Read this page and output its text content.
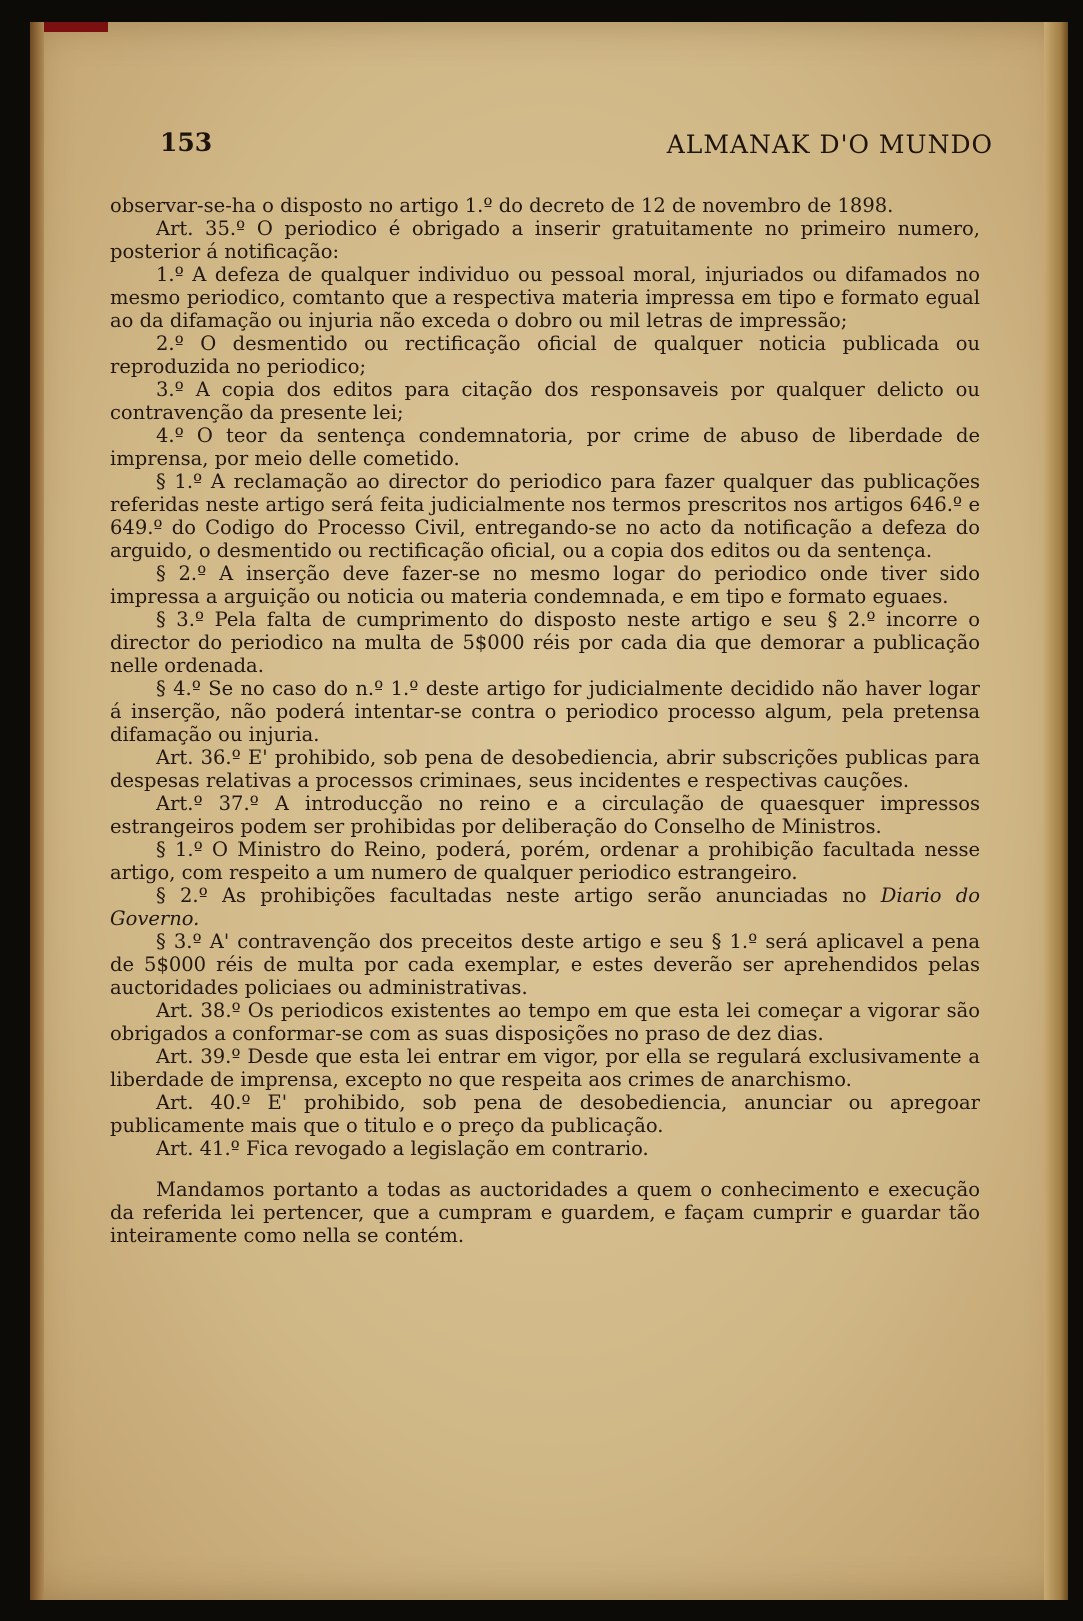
153	ALMANAK D'O MUNDO

observar-se-ha o disposto no artigo 1.º do decreto de 12 de novembro de 1898.

Art. 35.º O periodico é obrigado a inserir gratuitamente no primeiro numero, posterior á notificação:

1.º A defeza de qualquer individuo ou pessoal moral, injuriados ou difamados no mesmo periodico, comtanto que a respectiva materia impressa em tipo e formato egual ao da difamação ou injuria não exceda o dobro ou mil letras de impressão;

2.º O desmentido ou rectificação oficial de qualquer noticia publicada ou reproduzida no periodico;

3.º A copia dos editos para citação dos responsaveis por qualquer delicto ou contravenção da presente lei;

4.º O teor da sentença condemnatoria, por crime de abuso de liberdade de imprensa, por meio delle cometido.

§ 1.º A reclamação ao director do periodico para fazer qualquer das publicações referidas neste artigo será feita judicialmente nos termos prescritos nos artigos 646.º e 649.º do Codigo do Processo Civil, entregando-se no acto da notificação a defeza do arguido, o desmentido ou rectificação oficial, ou a copia dos editos ou da sentença.

§ 2.º A inserção deve fazer-se no mesmo logar do periodico onde tiver sido impressa a arguição ou noticia ou materia condemnada, e em tipo e formato eguaes.

§ 3.º Pela falta de cumprimento do disposto neste artigo e seu § 2.º incorre o director do periodico na multa de 5$000 réis por cada dia que demorar a publicação nelle ordenada.

§ 4.º Se no caso do n.º 1.º deste artigo for judicialmente decidido não haver logar á inserção, não poderá intentar-se contra o periodico processo algum, pela pretensa difamação ou injuria.

Art. 36.º E' prohibido, sob pena de desobediencia, abrir subscrições publicas para despesas relativas a processos criminaes, seus incidentes e respectivas cauções.

Art.º 37.º A introducção no reino e a circulação de quaesquer impressos estrangeiros podem ser prohibidas por deliberação do Conselho de Ministros.

§ 1.º O Ministro do Reino, poderá, porém, ordenar a prohibição facultada nesse artigo, com respeito a um numero de qualquer periodico estrangeiro.

§ 2.º As prohibições facultadas neste artigo serão anunciadas no Diario do Governo.

§ 3.º A' contravenção dos preceitos deste artigo e seu § 1.º será aplicavel a pena de 5$000 réis de multa por cada exemplar, e estes deverão ser aprehendidos pelas auctoridades policiaes ou administrativas.

Art. 38.º Os periodicos existentes ao tempo em que esta lei começar a vigorar são obrigados a conformar-se com as suas disposições no praso de dez dias.

Art. 39.º Desde que esta lei entrar em vigor, por ella se regulará exclusivamente a liberdade de imprensa, excepto no que respeita aos crimes de anarchismo.

Art. 40.º E' prohibido, sob pena de desobediencia, anunciar ou apregoar publicamente mais que o titulo e o preço da publicação.

Art. 41.º Fica revogado a legislação em contrario.

Mandamos portanto a todas as auctoridades a quem o conhecimento e execução da referida lei pertencer, que a cumpram e guardem, e façam cumprir e guardar tão inteiramente como nella se contém.
